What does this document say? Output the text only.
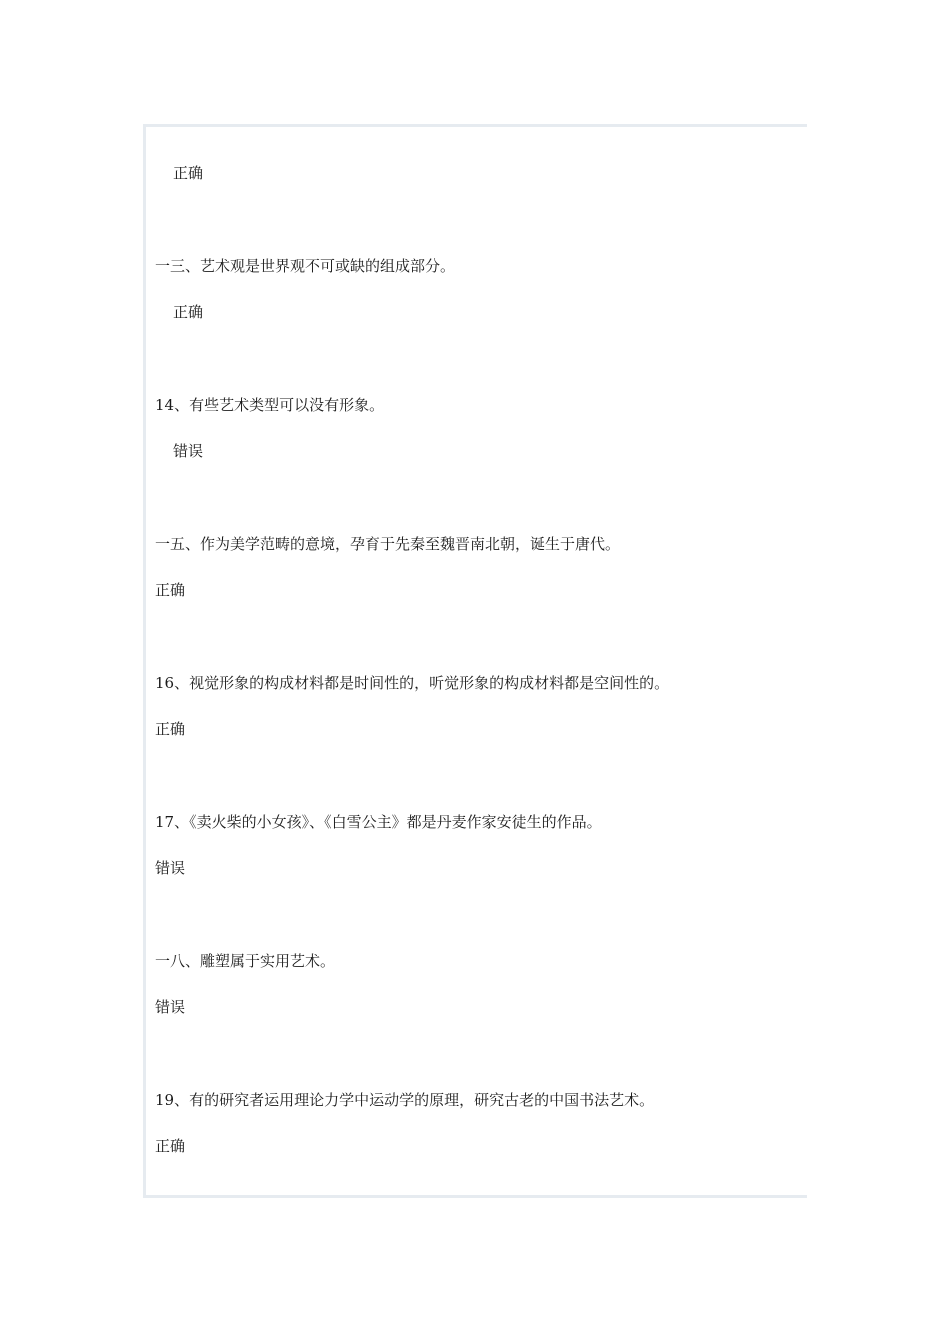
正确
一三、艺术观是世界观不可或缺的组成部分。
正确
14、有些艺术类型可以没有形象。
错误
一五、作为美学范畴的意境，孕育于先秦至魏晋南北朝，诞生于唐代。
正确
16、视觉形象的构成材料都是时间性的，听觉形象的构成材料都是空间性的。
正确
17、《卖火柴的小女孩》、《白雪公主》都是丹麦作家安徒生的作品。
错误
一八、雕塑属于实用艺术。
错误
19、有的研究者运用理论力学中运动学的原理，研究古老的中国书法艺术。
正确
